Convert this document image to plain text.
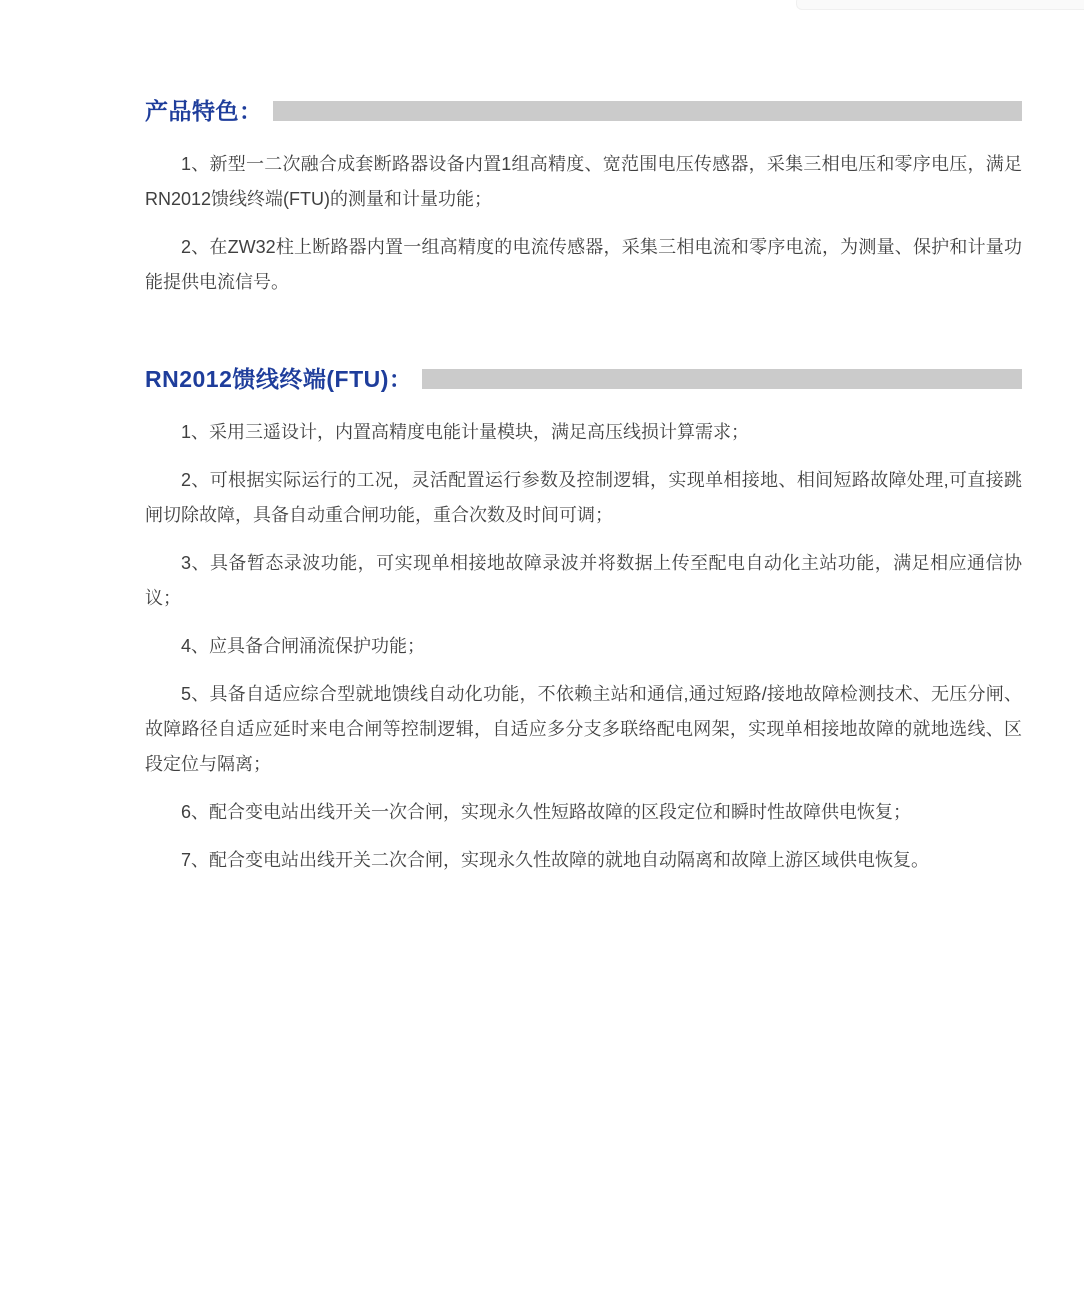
产品特色：

1、新型一二次融合成套断路器设备内置1组高精度、宽范围电压传感器，采集三相电压和零序电压，满足RN2012馈线终端(FTU)的测量和计量功能；

2、在ZW32柱上断路器内置一组高精度的电流传感器，采集三相电流和零序电流，为测量、保护和计量功能提供电流信号。

RN2012馈线终端(FTU)：

1、采用三遥设计，内置高精度电能计量模块，满足高压线损计算需求；

2、可根据实际运行的工况，灵活配置运行参数及控制逻辑，实现单相接地、相间短路故障处理,可直接跳闸切除故障，具备自动重合闸功能，重合次数及时间可调；

3、具备暂态录波功能，可实现单相接地故障录波并将数据上传至配电自动化主站功能，满足相应通信协议；

4、应具备合闸涌流保护功能；

5、具备自适应综合型就地馈线自动化功能，不依赖主站和通信,通过短路/接地故障检测技术、无压分闸、故障路径自适应延时来电合闸等控制逻辑，自适应多分支多联络配电网架，实现单相接地故障的就地选线、区段定位与隔离；

6、配合变电站出线开关一次合闸，实现永久性短路故障的区段定位和瞬时性故障供电恢复；

7、配合变电站出线开关二次合闸，实现永久性故障的就地自动隔离和故障上游区域供电恢复。
